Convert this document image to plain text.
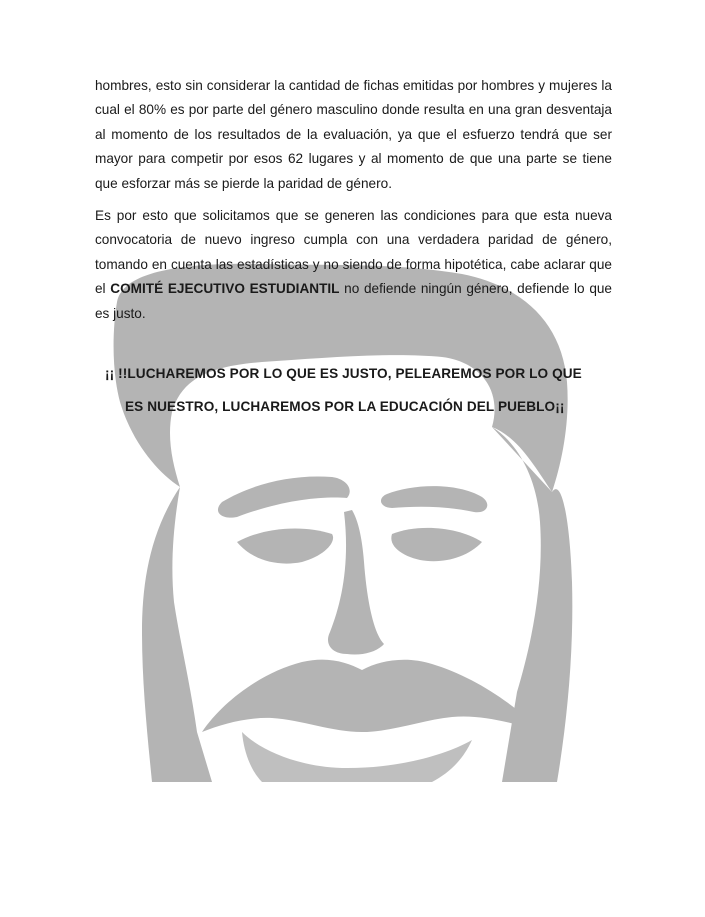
hombres, esto sin considerar la cantidad de fichas emitidas por hombres y mujeres la cual el 80% es por parte del género masculino donde resulta en una gran desventaja al momento de los resultados de la evaluación, ya que el esfuerzo tendrá que ser mayor para competir por esos 62 lugares y al momento de que una parte se tiene que esforzar más se pierde la paridad de género.

Es por esto que solicitamos que se generen las condiciones para que esta nueva convocatoria de nuevo ingreso cumpla con una verdadera paridad de género, tomando en cuenta las estadísticas y no siendo de forma hipotética, cabe aclarar que el COMITÉ EJECUTIVO ESTUDIANTIL no defiende ningún género, defiende lo que es justo.

¡¡ !!LUCHAREMOS POR LO QUE ES JUSTO, PELEAREMOS POR LO QUE

ES NUESTRO, LUCHAREMOS POR LA EDUCACIÓN DEL PUEBLO¡¡
